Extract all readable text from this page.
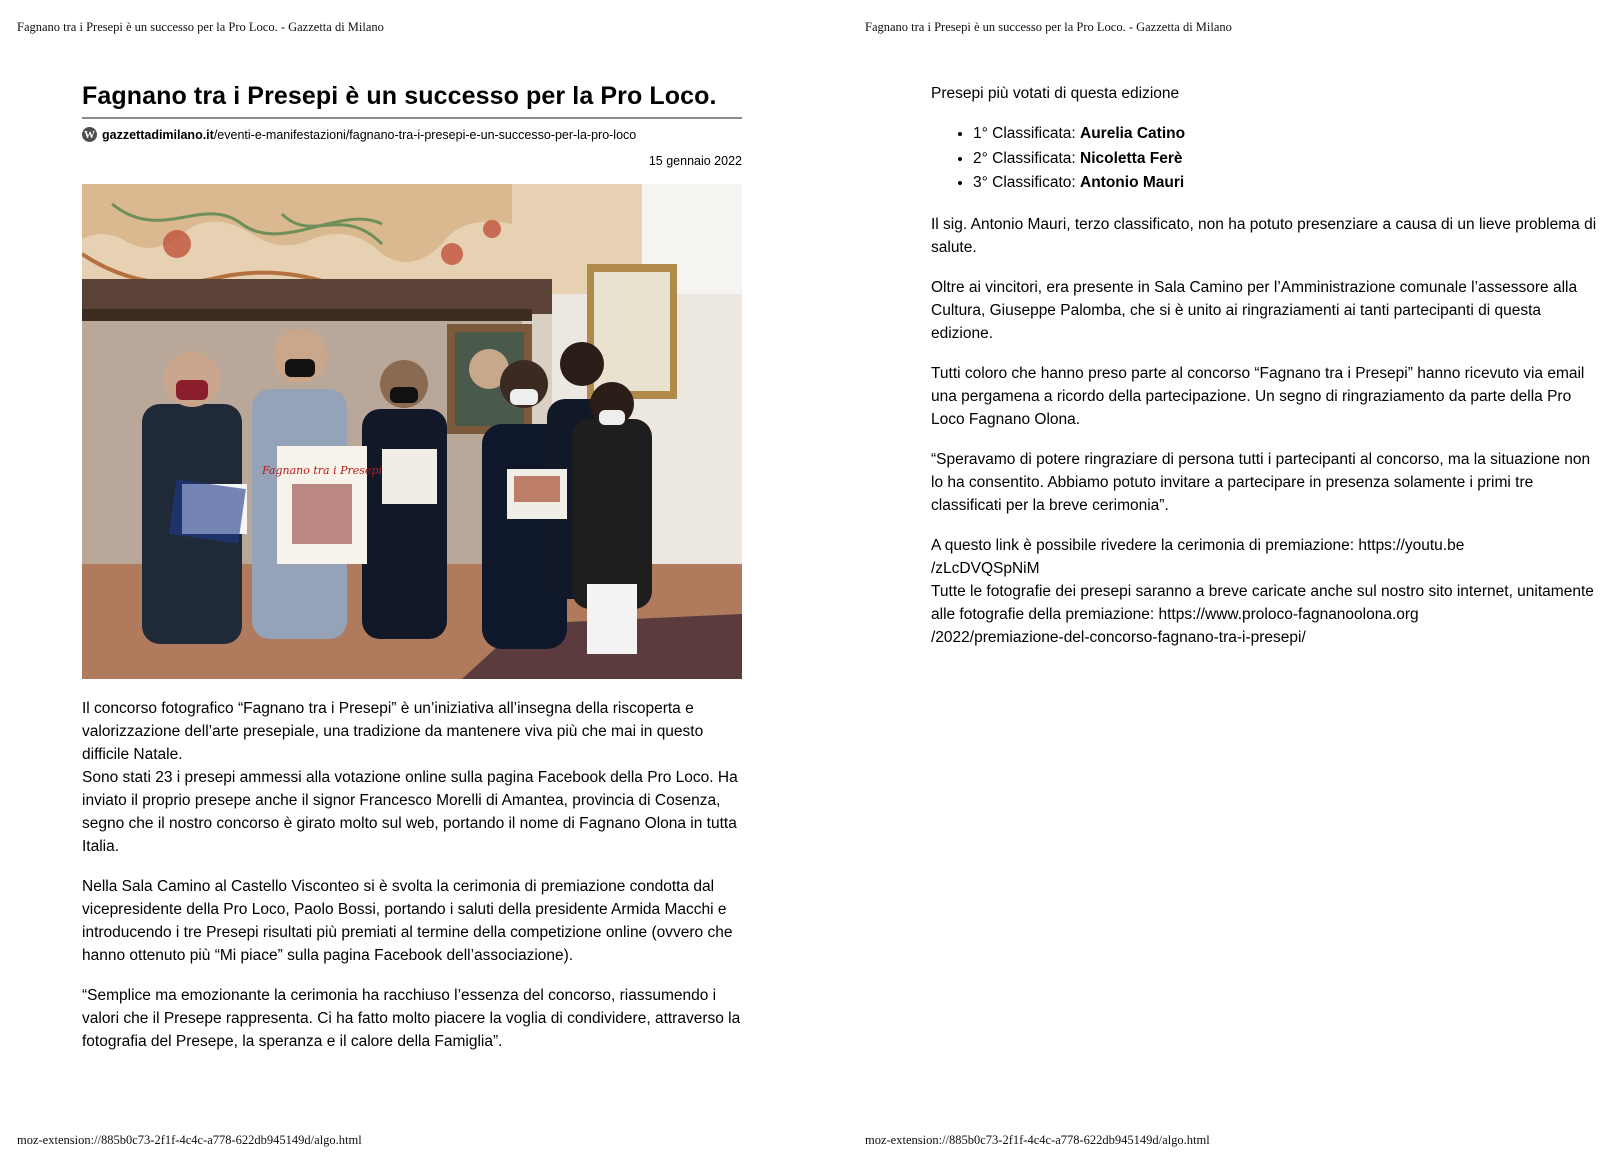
Fagnano tra i Presepi è un successo per la Pro Loco. - Gazzetta di Milano
Fagnano tra i Presepi è un successo per la Pro Loco.
W gazzettadimilano.it/eventi-e-manifestazioni/fagnano-tra-i-presepi-e-un-successo-per-la-pro-loco
15 gennaio 2022
Fagnano tra i Presepi

Il concorso fotografico “Fagnano tra i Presepi” è un’iniziativa all’insegna della riscoperta e valorizzazione dell’arte presepiale, una tradizione da mantenere viva più che mai in questo difficile Natale.
Sono stati 23 i presepi ammessi alla votazione online sulla pagina Facebook della Pro Loco. Ha inviato il proprio presepe anche il signor Francesco Morelli di Amantea, provincia di Cosenza, segno che il nostro concorso è girato molto sul web, portando il nome di Fagnano Olona in tutta Italia.

Nella Sala Camino al Castello Visconteo si è svolta la cerimonia di premiazione condotta dal vicepresidente della Pro Loco, Paolo Bossi, portando i saluti della presidente Armida Macchi e introducendo i tre Presepi risultati più premiati al termine della competizione online (ovvero che hanno ottenuto più “Mi piace” sulla pagina Facebook dell’associazione).

“Semplice ma emozionante la cerimonia ha racchiuso l’essenza del concorso, riassumendo i valori che il Presepe rappresenta. Ci ha fatto molto piacere la voglia di condividere, attraverso la fotografia del Presepe, la speranza e il calore della Famiglia”.

moz-extension://885b0c73-2f1f-4c4c-a778-622db945149d/algo.html
Fagnano tra i Presepi è un successo per la Pro Loco. - Gazzetta di Milano

Presepi più votati di questa edizione

• 1° Classificata: Aurelia Catino
• 2° Classificata: Nicoletta Ferè
• 3° Classificato: Antonio Mauri

Il sig. Antonio Mauri, terzo classificato, non ha potuto presenziare a causa di un lieve problema di salute.

Oltre ai vincitori, era presente in Sala Camino per l’Amministrazione comunale l’assessore alla Cultura, Giuseppe Palomba, che si è unito ai ringraziamenti ai tanti partecipanti di questa edizione.

Tutti coloro che hanno preso parte al concorso “Fagnano tra i Presepi” hanno ricevuto via email una pergamena a ricordo della partecipazione. Un segno di ringraziamento da parte della Pro Loco Fagnano Olona.

“Speravamo di potere ringraziare di persona tutti i partecipanti al concorso, ma la situazione non lo ha consentito. Abbiamo potuto invitare a partecipare in presenza solamente i primi tre classificati per la breve cerimonia”.

A questo link è possibile rivedere la cerimonia di premiazione: https://youtu.be
/zLcDVQSpNiM
Tutte le fotografie dei presepi saranno a breve caricate anche sul nostro sito internet, unitamente alle fotografie della premiazione: https://www.proloco-fagnanoolona.org
/2022/premiazione-del-concorso-fagnano-tra-i-presepi/

moz-extension://885b0c73-2f1f-4c4c-a778-622db945149d/algo.html
